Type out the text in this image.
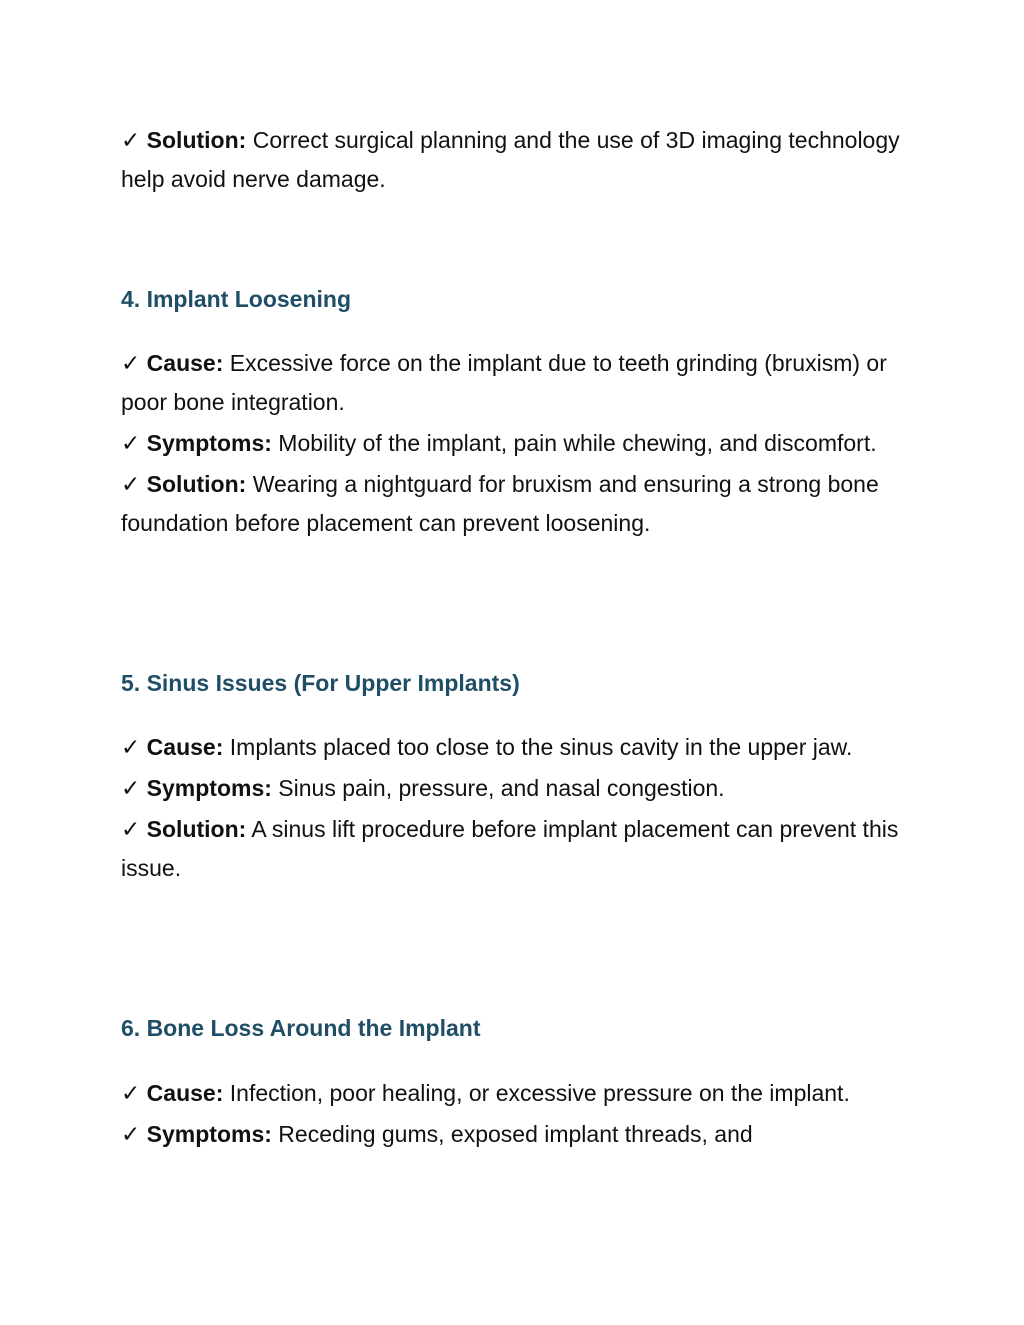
✓ Solution: Correct surgical planning and the use of 3D imaging technology help avoid nerve damage.

4. Implant Loosening

✓ Cause: Excessive force on the implant due to teeth grinding (bruxism) or poor bone integration.

✓ Symptoms: Mobility of the implant, pain while chewing, and discomfort.

✓ Solution: Wearing a nightguard for bruxism and ensuring a strong bone foundation before placement can prevent loosening.

5. Sinus Issues (For Upper Implants)

✓ Cause: Implants placed too close to the sinus cavity in the upper jaw.

✓ Symptoms: Sinus pain, pressure, and nasal congestion.

✓ Solution: A sinus lift procedure before implant placement can prevent this issue.

6. Bone Loss Around the Implant

✓ Cause: Infection, poor healing, or excessive pressure on the implant.

✓ Symptoms: Receding gums, exposed implant threads, and
